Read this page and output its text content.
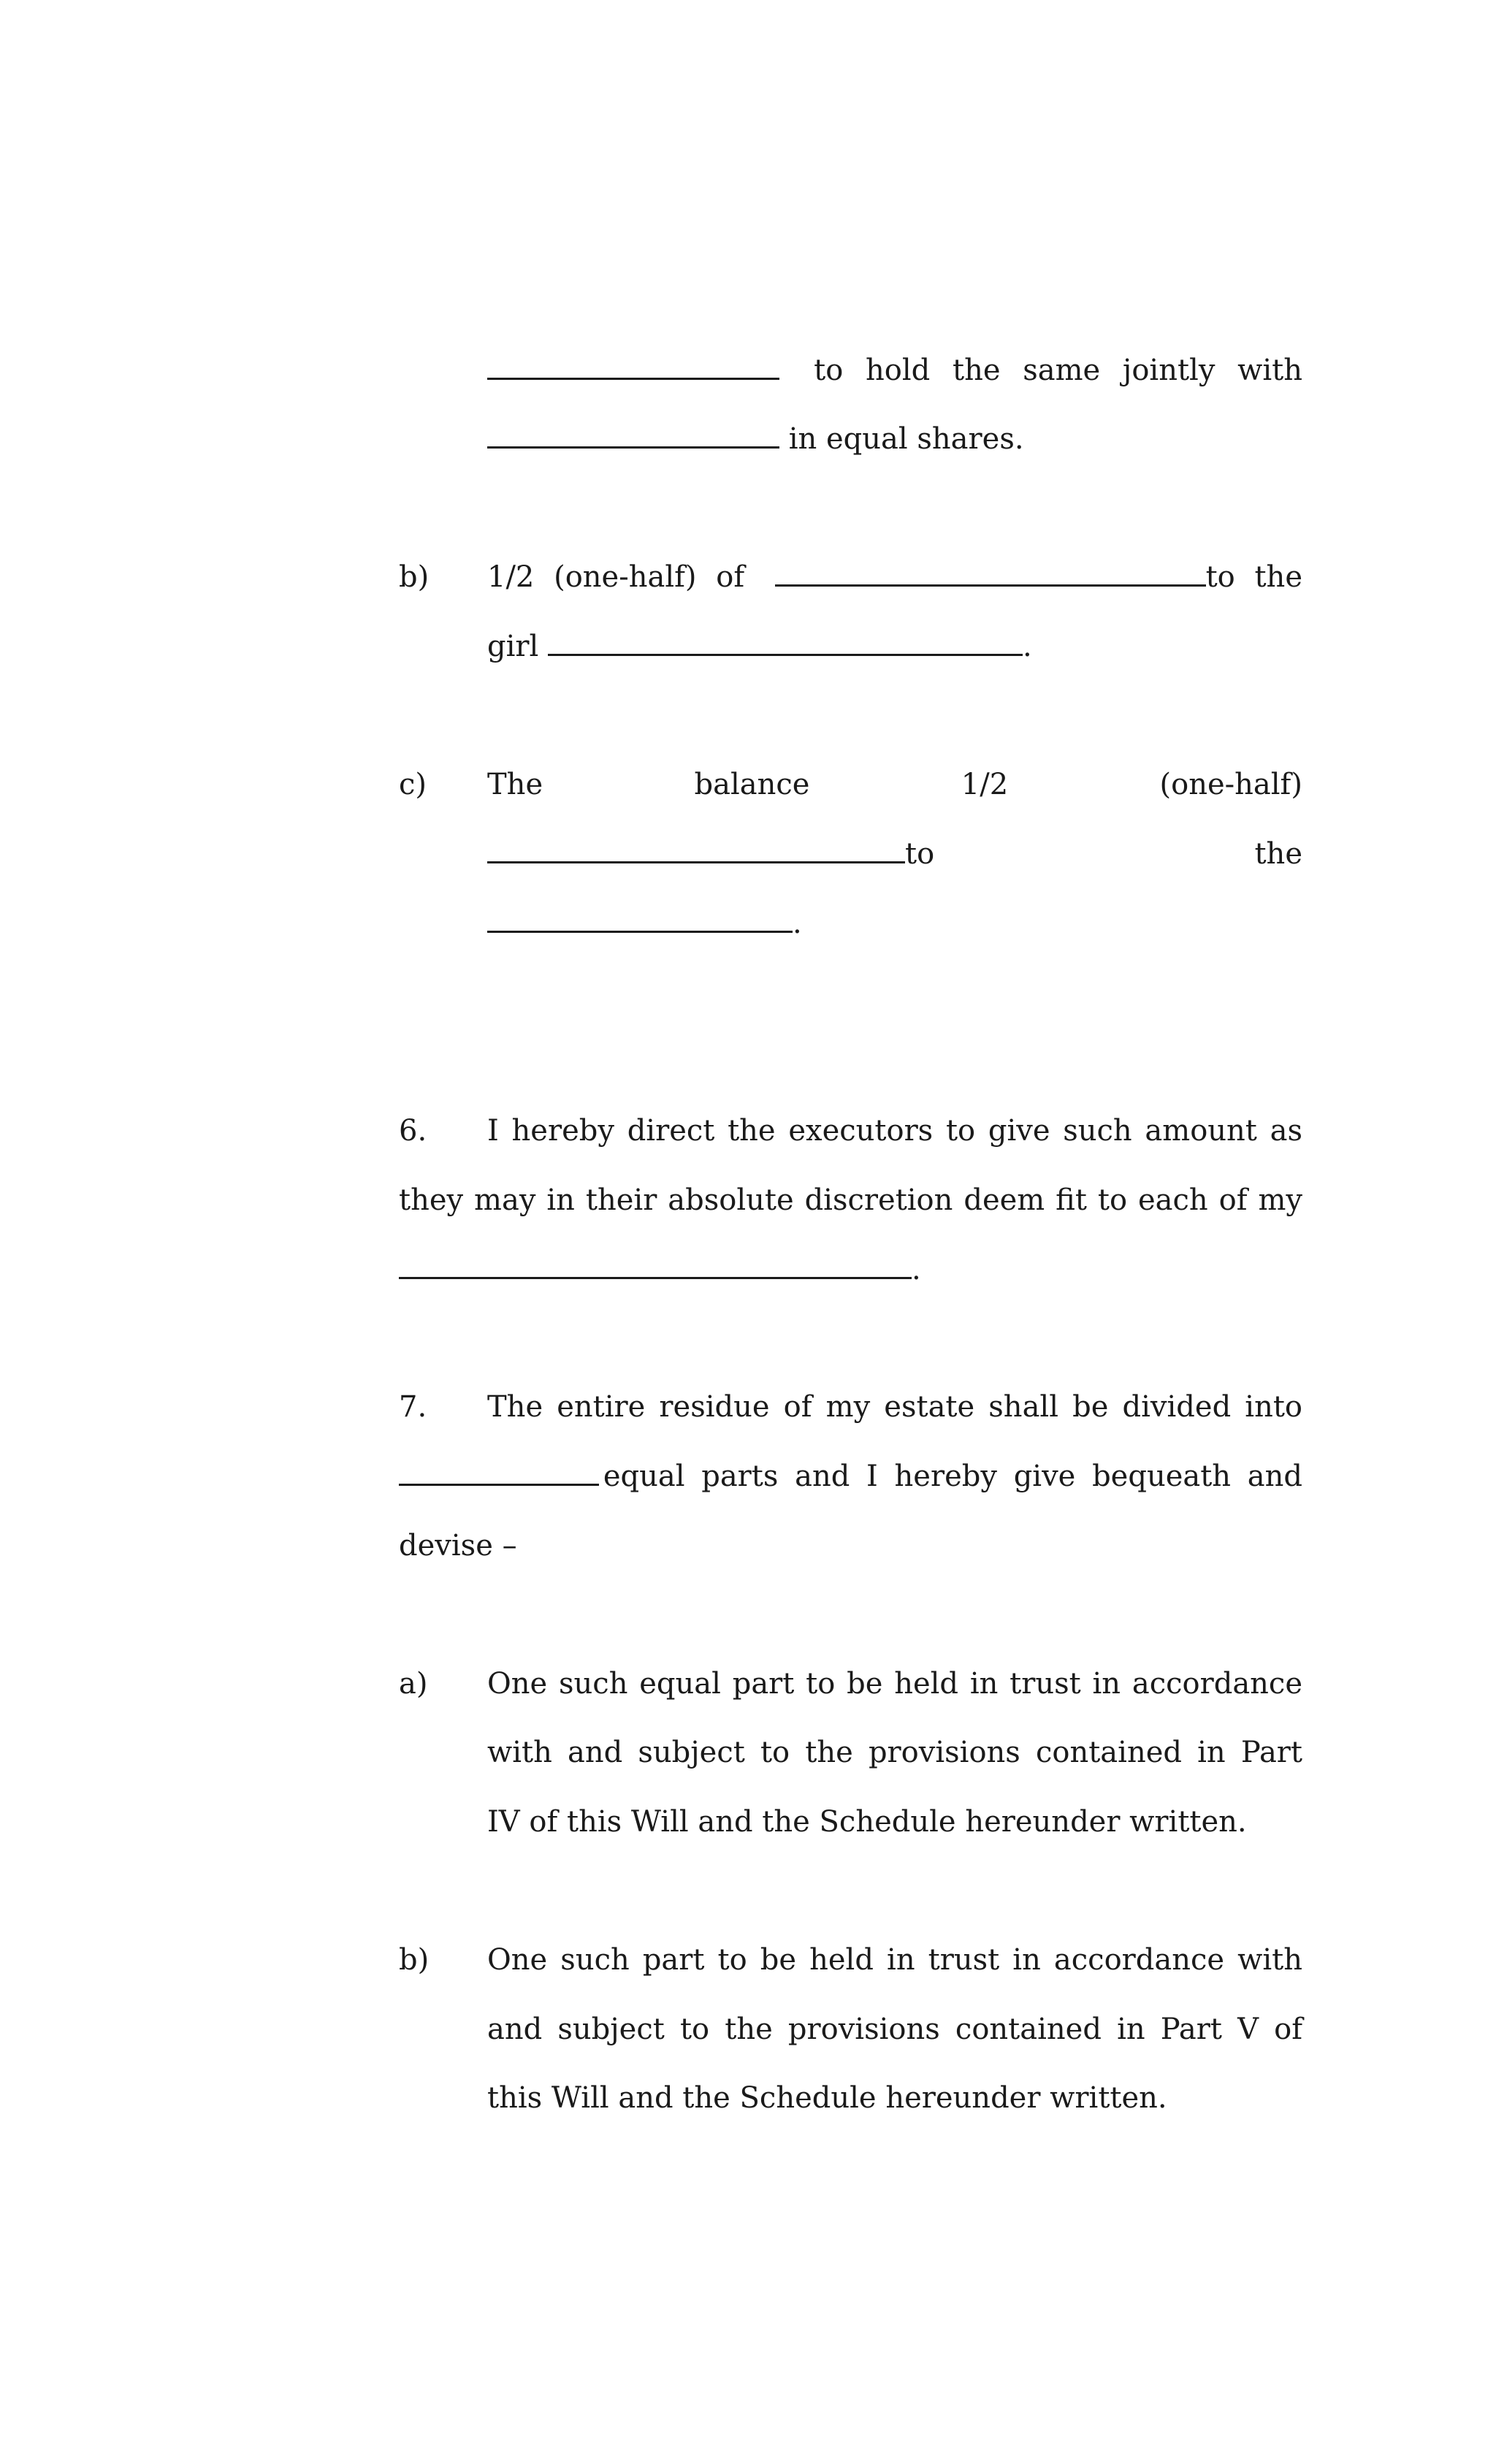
to hold the same jointly with
in equal shares.
b) 1/2 (one-half) of	to the
girl	.
c) The	balance	1/2	(one-half)
to	the
.
6. I hereby direct the executors to give such amount as
they may in their absolute discretion deem fit to each of my
.
7. The entire residue of my estate shall be divided into
equal parts and I hereby give bequeath and
devise –
a) One such equal part to be held in trust in accordance
with and subject to the provisions contained in Part
IV of this Will and the Schedule hereunder written.
b) One such part to be held in trust in accordance with
and subject to the provisions contained in Part V of
this Will and the Schedule hereunder written.
